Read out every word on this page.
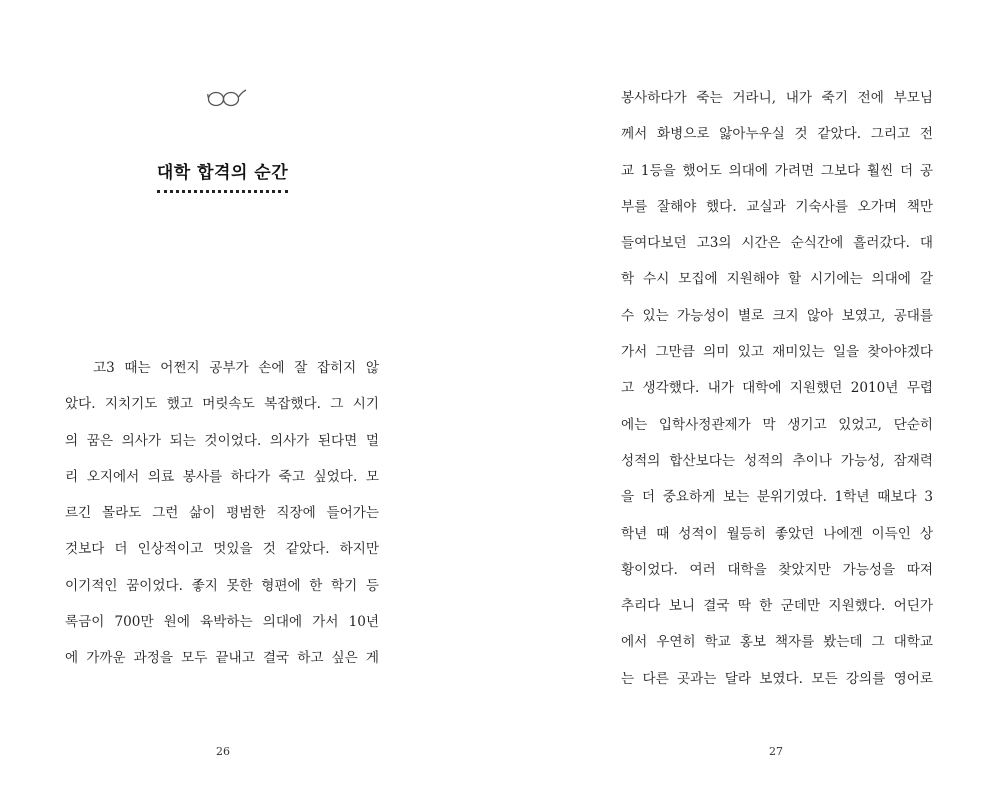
대학 합격의 순간
고3 때는 어쩐지 공부가 손에 잘 잡히지 않
았다. 지치기도 했고 머릿속도 복잡했다. 그 시기
의 꿈은 의사가 되는 것이었다. 의사가 된다면 멀
리 오지에서 의료 봉사를 하다가 죽고 싶었다. 모
르긴 몰라도 그런 삶이 평범한 직장에 들어가는
것보다 더 인상적이고 멋있을 것 같았다. 하지만
이기적인 꿈이었다. 좋지 못한 형편에 한 학기 등
록금이 700만 원에 육박하는 의대에 가서 10년
에 가까운 과정을 모두 끝내고 결국 하고 싶은 게
26
봉사하다가 죽는 거라니, 내가 죽기 전에 부모님
께서 화병으로 앓아누우실 것 같았다. 그리고 전
교 1등을 했어도 의대에 가려면 그보다 훨씬 더 공
부를 잘해야 했다. 교실과 기숙사를 오가며 책만
들여다보던 고3의 시간은 순식간에 흘러갔다. 대
학 수시 모집에 지원해야 할 시기에는 의대에 갈
수 있는 가능성이 별로 크지 않아 보였고, 공대를
가서 그만큼 의미 있고 재미있는 일을 찾아야겠다
고 생각했다. 내가 대학에 지원했던 2010년 무렵
에는 입학사정관제가 막 생기고 있었고, 단순히
성적의 합산보다는 성적의 추이나 가능성, 잠재력
을 더 중요하게 보는 분위기였다. 1학년 때보다 3
학년 때 성적이 월등히 좋았던 나에겐 이득인 상
황이었다. 여러 대학을 찾았지만 가능성을 따져
추리다 보니 결국 딱 한 군데만 지원했다. 어딘가
에서 우연히 학교 홍보 책자를 봤는데 그 대학교
는 다른 곳과는 달라 보였다. 모든 강의를 영어로
27
